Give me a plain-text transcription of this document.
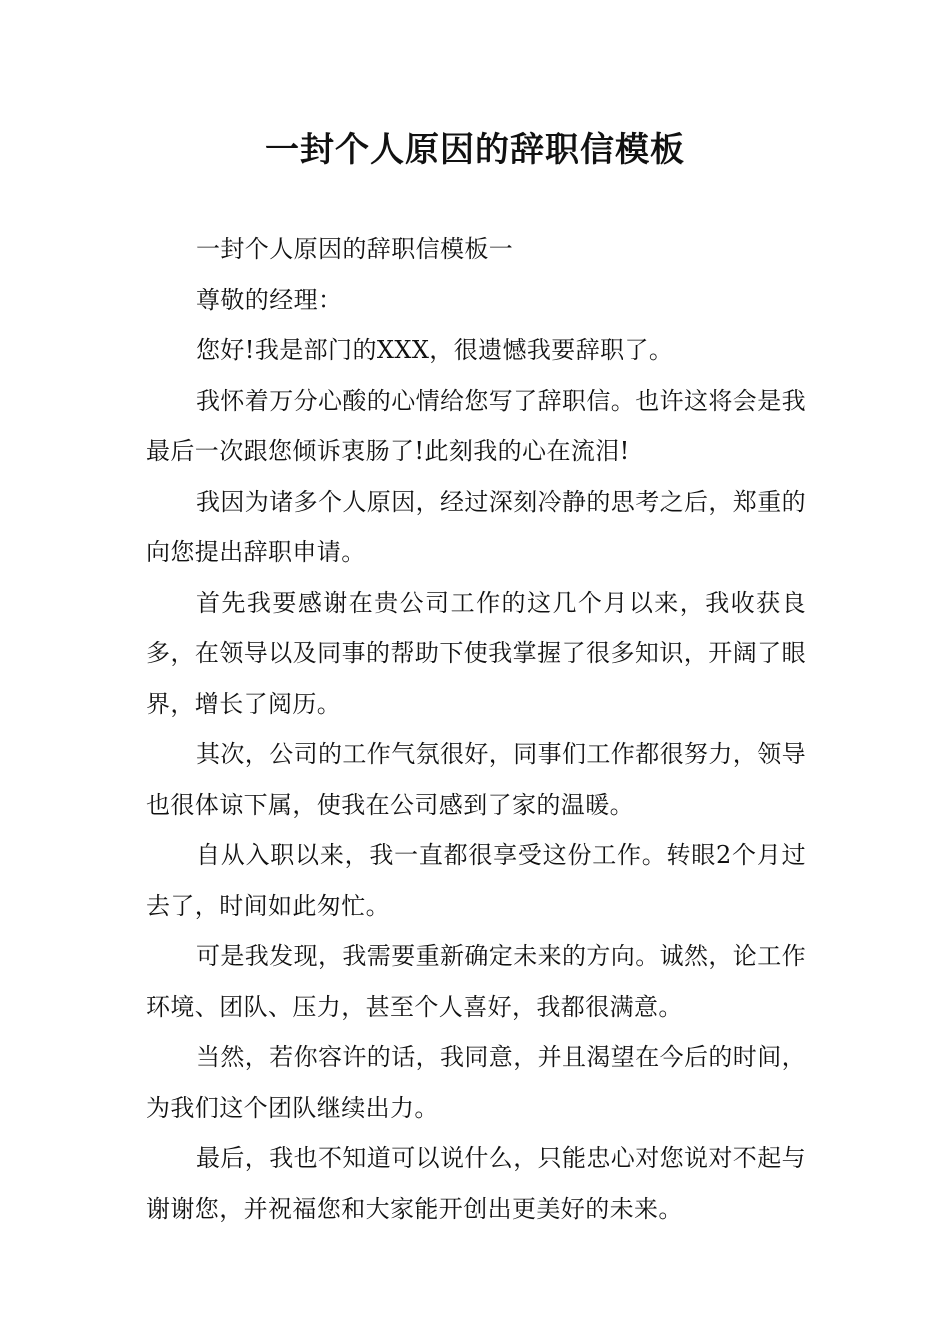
一封个人原因的辞职信模板

一封个人原因的辞职信模板一

尊敬的经理：

您好!我是部门的XXX，很遗憾我要辞职了。

我怀着万分心酸的心情给您写了辞职信。也许这将会是我最后一次跟您倾诉衷肠了!此刻我的心在流泪!

我因为诸多个人原因，经过深刻冷静的思考之后，郑重的向您提出辞职申请。

首先我要感谢在贵公司工作的这几个月以来，我收获良多，在领导以及同事的帮助下使我掌握了很多知识，开阔了眼界，增长了阅历。

其次，公司的工作气氛很好，同事们工作都很努力，领导也很体谅下属，使我在公司感到了家的温暖。

自从入职以来，我一直都很享受这份工作。转眼2个月过去了，时间如此匆忙。

可是我发现，我需要重新确定未来的方向。诚然，论工作环境、团队、压力，甚至个人喜好，我都很满意。

当然，若你容许的话，我同意，并且渴望在今后的时间，为我们这个团队继续出力。

最后，我也不知道可以说什么，只能忠心对您说对不起与谢谢您，并祝福您和大家能开创出更美好的未来。
